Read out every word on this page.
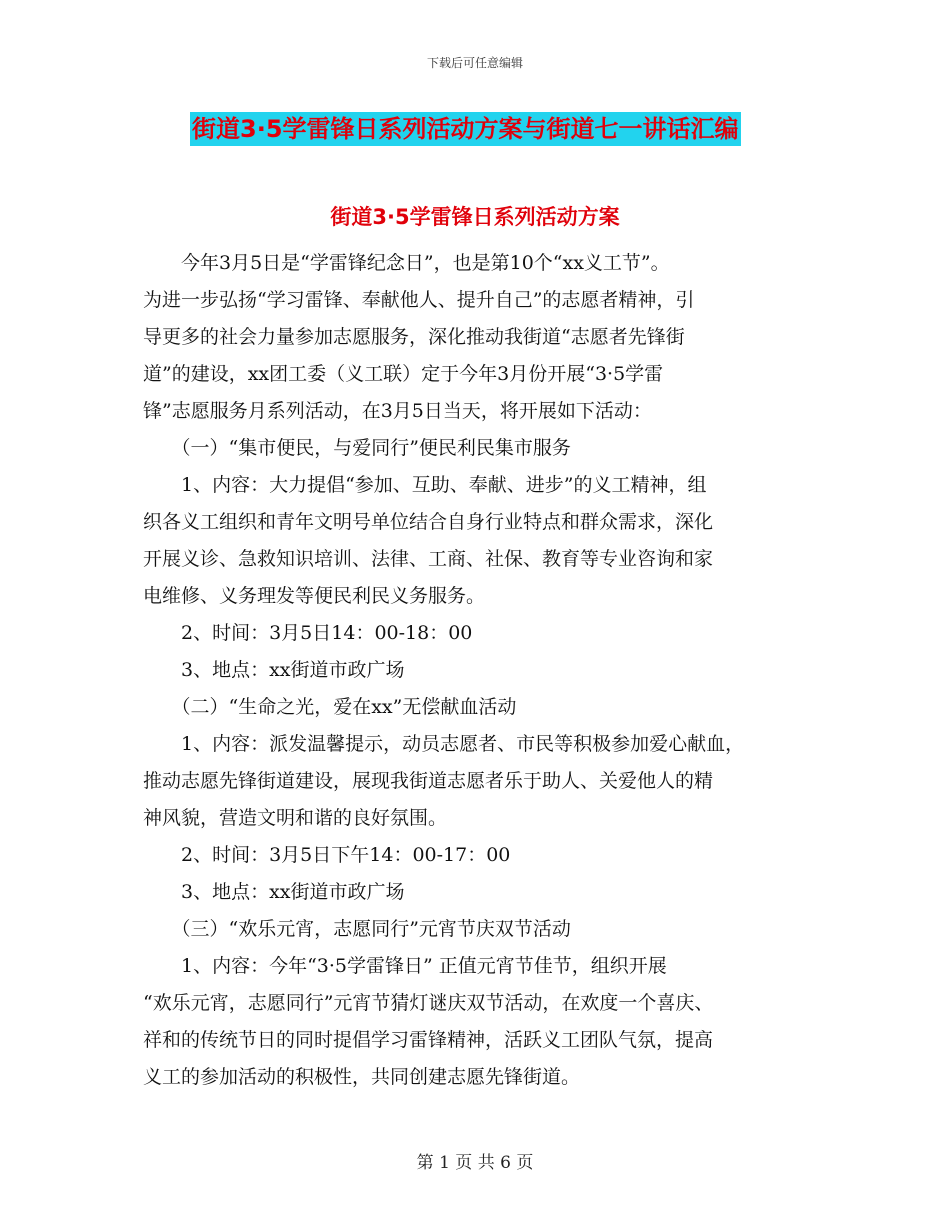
下载后可任意编辑
街道3·5学雷锋日系列活动方案与街道七一讲话汇编
街道3·5学雷锋日系列活动方案
　　今年3月5日是“学雷锋纪念日”，也是第10个“xx义工节”。
为进一步弘扬“学习雷锋、奉献他人、提升自己”的志愿者精神，引
导更多的社会力量参加志愿服务，深化推动我街道“志愿者先锋街
道”的建设，xx团工委（义工联）定于今年3月份开展“3·5学雷
锋”志愿服务月系列活动，在3月5日当天，将开展如下活动：
　　（一）“集市便民，与爱同行”便民利民集市服务
　　1、内容：大力提倡“参加、互助、奉献、进步”的义工精神，组
织各义工组织和青年文明号单位结合自身行业特点和群众需求，深化
开展义诊、急救知识培训、法律、工商、社保、教育等专业咨询和家
电维修、义务理发等便民利民义务服务。
　　2、时间：3月5日14：00-18：00
　　3、地点：xx街道市政广场
　　（二）“生命之光，爱在xx”无偿献血活动
　　1、内容：派发温馨提示，动员志愿者、市民等积极参加爱心献血，
推动志愿先锋街道建设，展现我街道志愿者乐于助人、关爱他人的精
神风貌，营造文明和谐的良好氛围。
　　2、时间：3月5日下午14：00-17：00
　　3、地点：xx街道市政广场
　　（三）“欢乐元宵，志愿同行”元宵节庆双节活动
　　1、内容：今年“3·5学雷锋日” 正值元宵节佳节，组织开展
“欢乐元宵，志愿同行”元宵节猜灯谜庆双节活动，在欢度一个喜庆、
祥和的传统节日的同时提倡学习雷锋精神，活跃义工团队气氛，提高
义工的参加活动的积极性，共同创建志愿先锋街道。
第 1 页 共 6 页
